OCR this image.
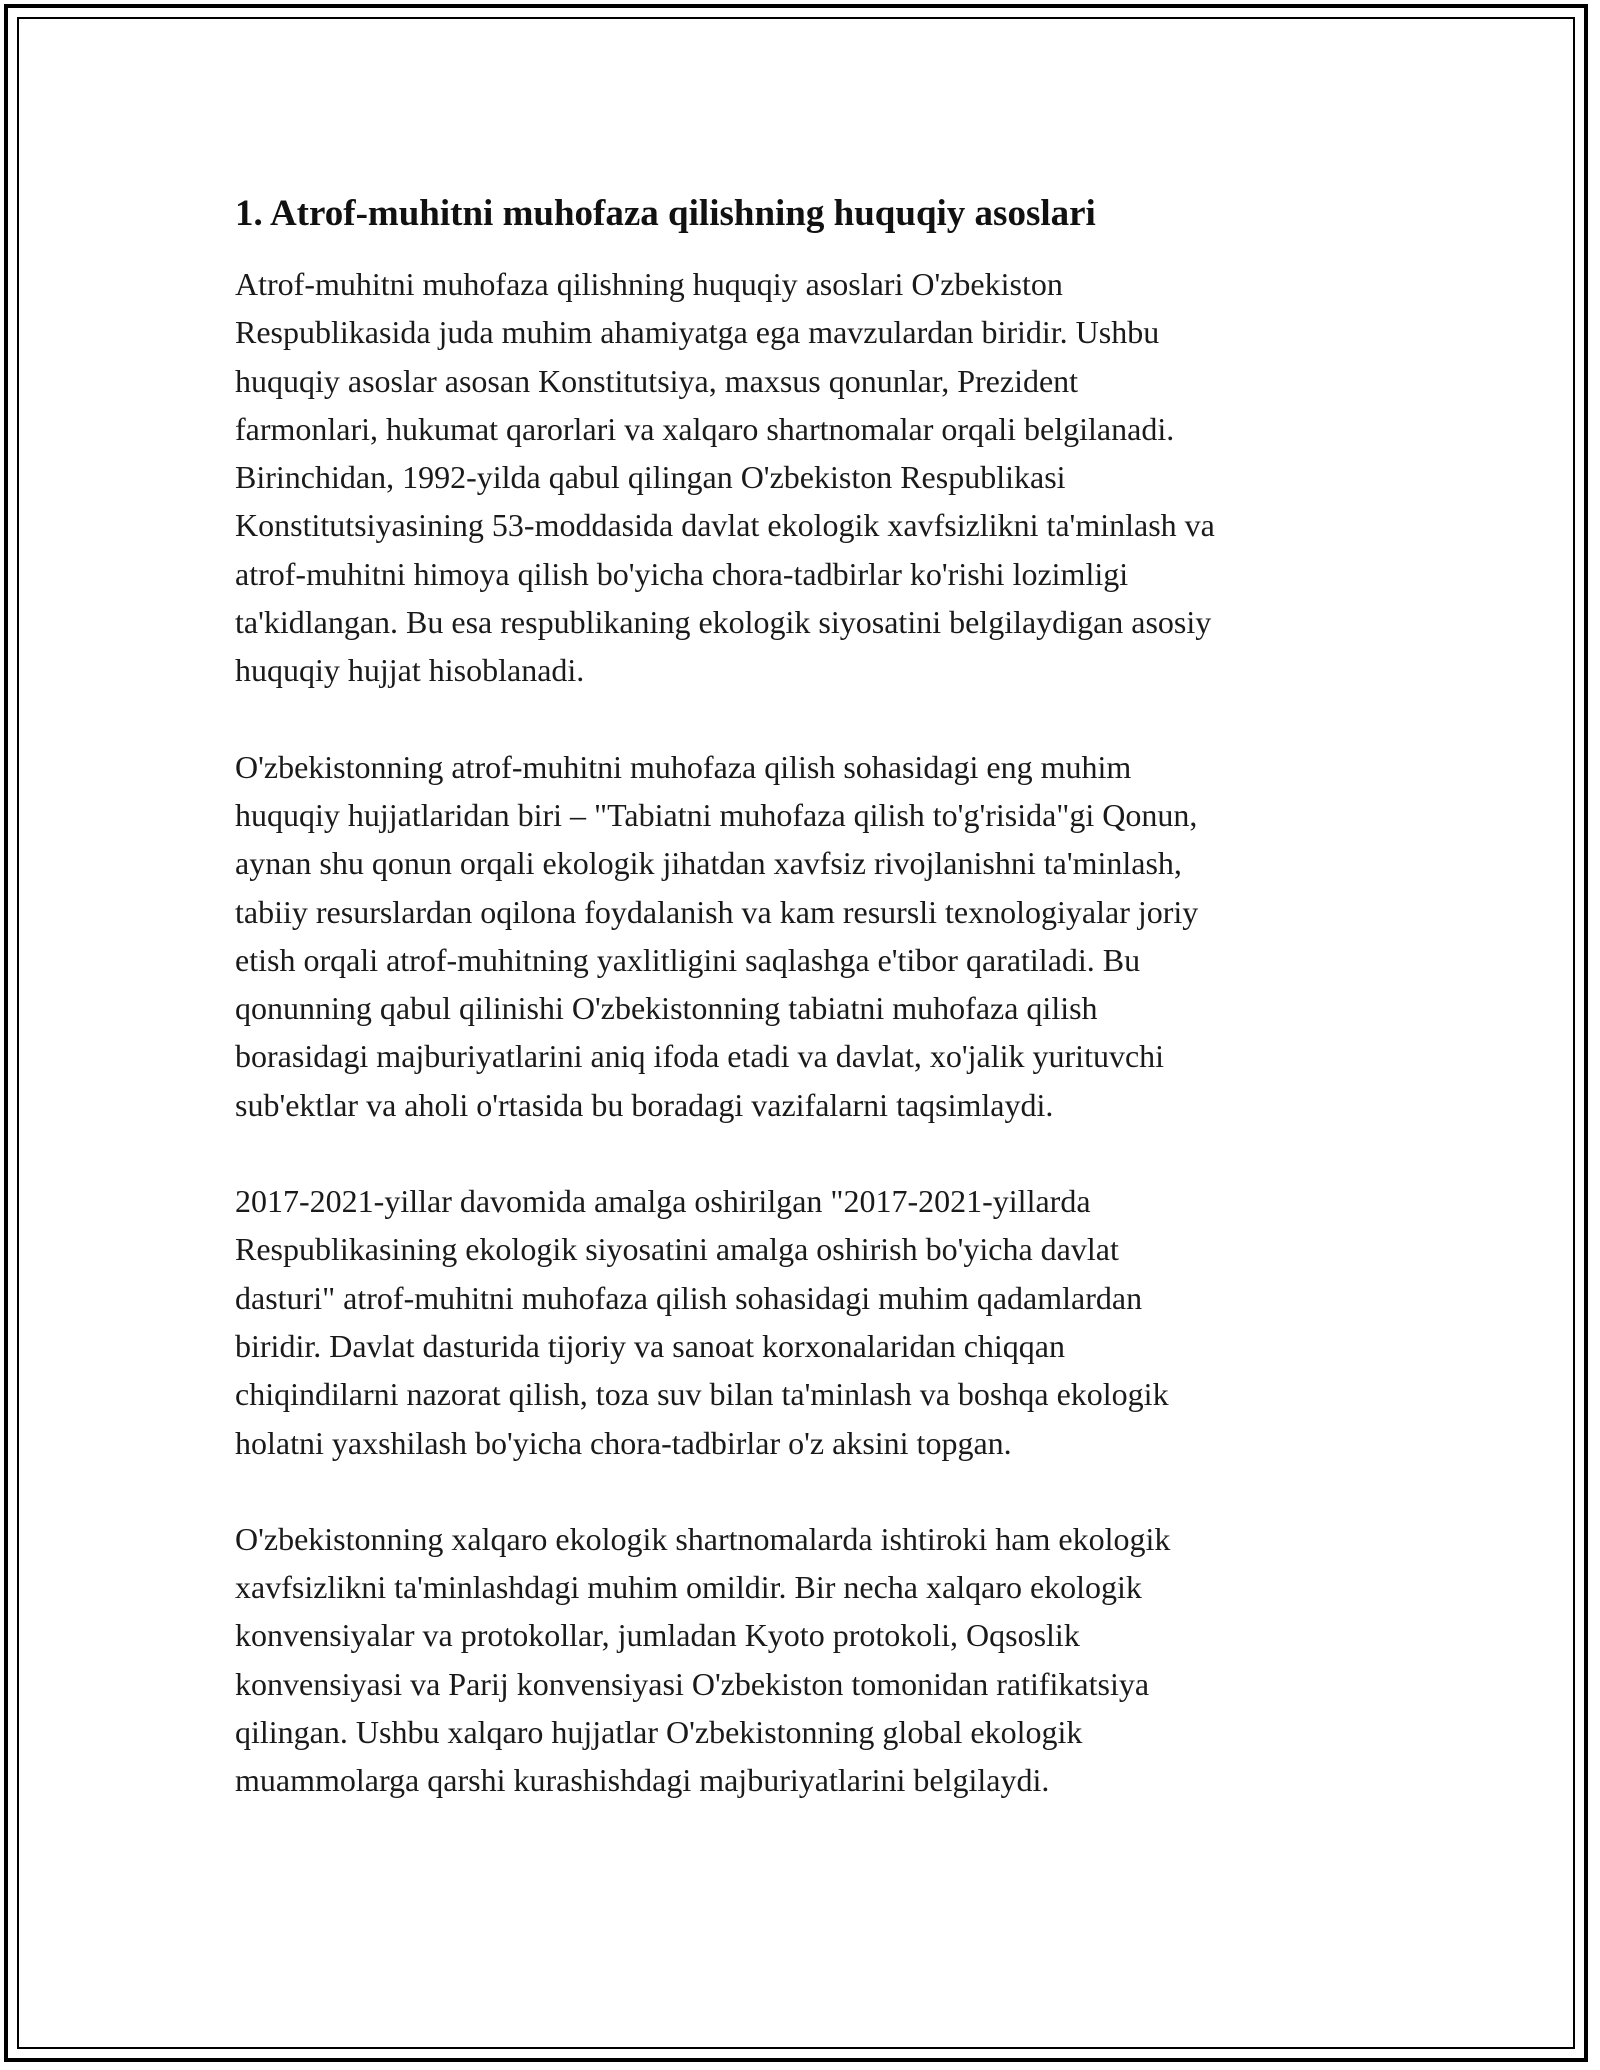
1. Atrof-muhitni muhofaza qilishning huquqiy asoslari

Atrof-muhitni muhofaza qilishning huquqiy asoslari O'zbekiston
Respublikasida juda muhim ahamiyatga ega mavzulardan biridir. Ushbu
huquqiy asoslar asosan Konstitutsiya, maxsus qonunlar, Prezident
farmonlari, hukumat qarorlari va xalqaro shartnomalar orqali belgilanadi.
Birinchidan, 1992-yilda qabul qilingan O'zbekiston Respublikasi
Konstitutsiyasining 53-moddasida davlat ekologik xavfsizlikni ta'minlash va
atrof-muhitni himoya qilish bo'yicha chora-tadbirlar ko'rishi lozimligi
ta'kidlangan. Bu esa respublikaning ekologik siyosatini belgilaydigan asosiy
huquqiy hujjat hisoblanadi.

O'zbekistonning atrof-muhitni muhofaza qilish sohasidagi eng muhim
huquqiy hujjatlaridan biri – "Tabiatni muhofaza qilish to'g'risida"gi Qonun,
aynan shu qonun orqali ekologik jihatdan xavfsiz rivojlanishni ta'minlash,
tabiiy resurslardan oqilona foydalanish va kam resursli texnologiyalar joriy
etish orqali atrof-muhitning yaxlitligini saqlashga e'tibor qaratiladi. Bu
qonunning qabul qilinishi O'zbekistonning tabiatni muhofaza qilish
borasidagi majburiyatlarini aniq ifoda etadi va davlat, xo'jalik yurituvchi
sub'ektlar va aholi o'rtasida bu boradagi vazifalarni taqsimlaydi.

2017-2021-yillar davomida amalga oshirilgan "2017-2021-yillarda
Respublikasining ekologik siyosatini amalga oshirish bo'yicha davlat
dasturi" atrof-muhitni muhofaza qilish sohasidagi muhim qadamlardan
biridir. Davlat dasturida tijoriy va sanoat korxonalaridan chiqqan
chiqindilarni nazorat qilish, toza suv bilan ta'minlash va boshqa ekologik
holatni yaxshilash bo'yicha chora-tadbirlar o'z aksini topgan.

O'zbekistonning xalqaro ekologik shartnomalarda ishtiroki ham ekologik
xavfsizlikni ta'minlashdagi muhim omildir. Bir necha xalqaro ekologik
konvensiyalar va protokollar, jumladan Kyoto protokoli, Oqsoslik
konvensiyasi va Parij konvensiyasi O'zbekiston tomonidan ratifikatsiya
qilingan. Ushbu xalqaro hujjatlar O'zbekistonning global ekologik
muammolarga qarshi kurashishdagi majburiyatlarini belgilaydi.
